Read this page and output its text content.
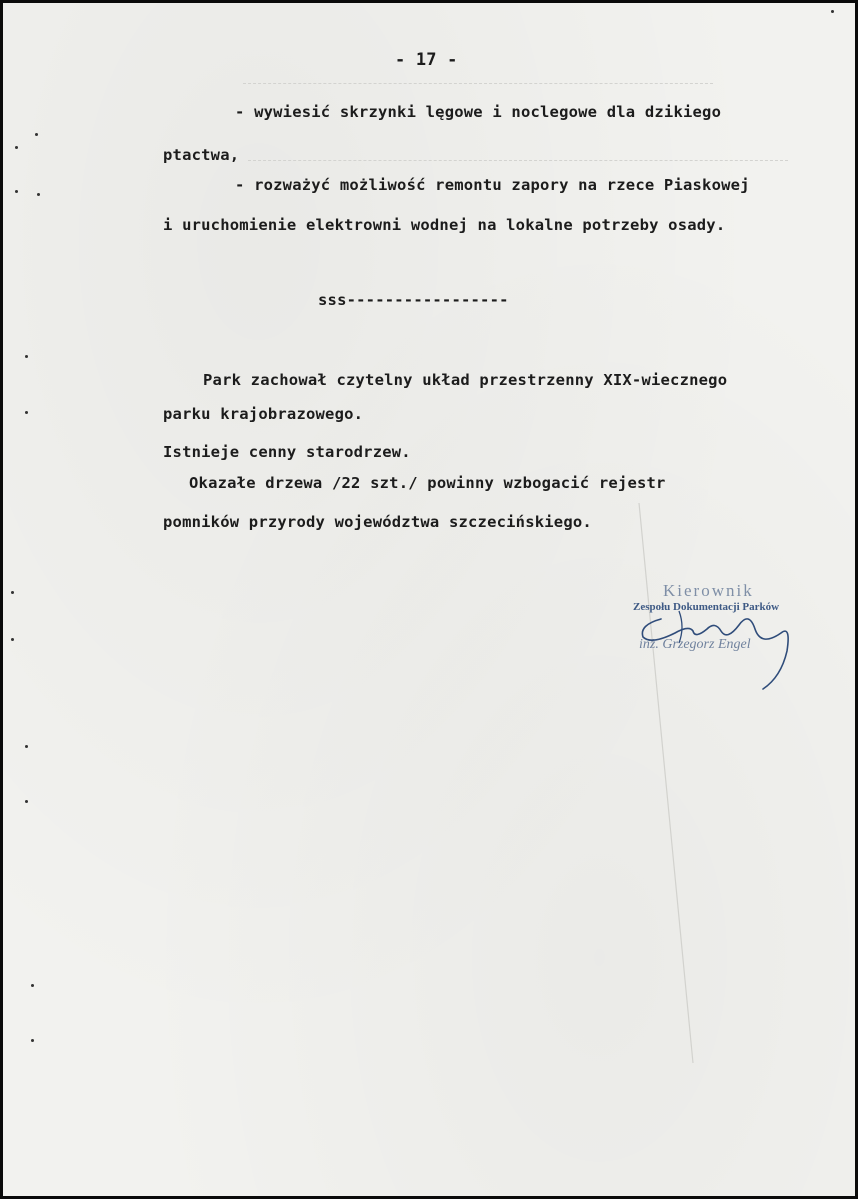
- 17 -
- wywiesić skrzynki lęgowe i noclegowe dla dzikiego
ptactwa,
- rozważyć możliwość remontu zapory na rzece Piaskowej
i uruchomienie elektrowni wodnej na lokalne potrzeby osady.
sss-----------------
Park zachował czytelny układ przestrzenny XIX-wiecznego
parku krajobrazowego.
Istnieje cenny starodrzew.
Okazałe drzewa /22 szt./ powinny wzbogacić rejestr
pomników przyrody województwa szczecińskiego.
Kierownik
Zespołu Dokumentacji Parków
inż. Grzegorz Engel
